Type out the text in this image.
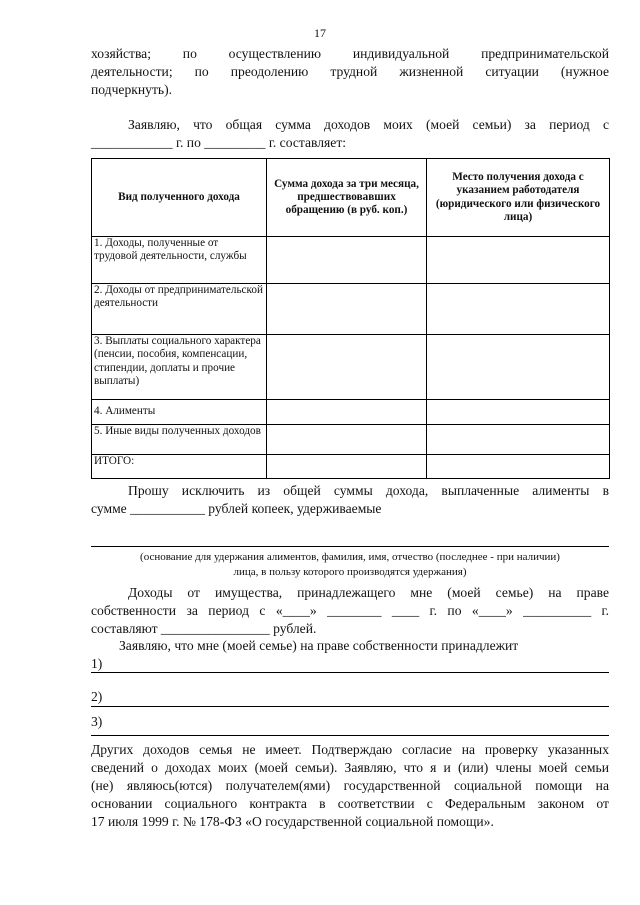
17
хозяйства; по осуществлению индивидуальной предпринимательской
деятельности; по преодолению трудной жизненной ситуации (нужное
подчеркнуть).
Заявляю, что общая сумма доходов моих (моей семьи) за период с
____________ г. по _________ г. составляет:
Вид полученного дохода	Сумма дохода за три месяца, предшествовавших обращению (в руб. коп.)	Место получения дохода с указанием работодателя (юридического или физического лица)
1. Доходы, полученные от трудовой деятельности, службы		
2. Доходы от предпринимательской деятельности		
3. Выплаты социального характера (пенсии, пособия, компенсации, стипендии, доплаты и прочие выплаты)		
4. Алименты		
5. Иные виды полученных доходов		
ИТОГО:		
Прошу исключить из общей суммы дохода, выплаченные алименты в
сумме ___________ рублей копеек, удерживаемые
(основание для удержания алиментов, фамилия, имя, отчество (последнее - при наличии)
лица, в пользу которого производятся удержания)
Доходы от имущества, принадлежащего мне (моей семье) на праве
собственности за период с «____» ________ ____ г. по «____» __________ г.
составляют ________________ рублей.
Заявляю, что мне (моей семье) на праве собственности принадлежит
1)
2)
3)
Других доходов семья не имеет. Подтверждаю согласие на проверку указанных
сведений о доходах моих (моей семьи). Заявляю, что я и (или) члены моей семьи
(не) являюсь(ются) получателем(ями) государственной социальной помощи на
основании социального контракта в соответствии с Федеральным законом от
17 июля 1999 г. № 178-ФЗ «О государственной социальной помощи».
